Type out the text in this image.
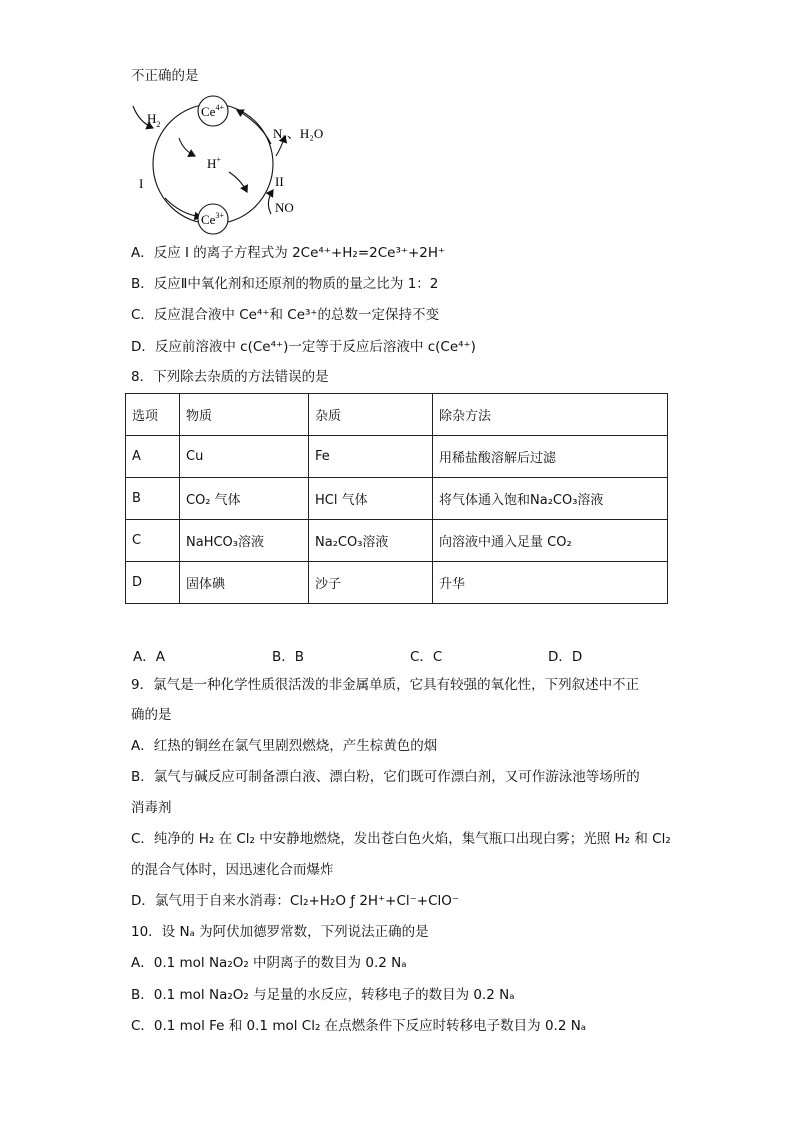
不正确的是
$Ce^{4+}$
$Ce^{3+}$
$H_2$
H+
N₂、H₂O
NO
I	II
A．反应 I 的离子方程式为 2Ce⁴⁺+H₂=2Ce³⁺+2H⁺
B．反应Ⅱ中氧化剂和还原剂的物质的量之比为 1：2
C．反应混合液中 Ce⁴⁺和 Ce³⁺的总数一定保持不变
D．反应前溶液中 c(Ce⁴⁺)一定等于反应后溶液中 c(Ce⁴⁺)
8．下列除去杂质的方法错误的是
选项	物质	杂质	除杂方法
A	Cu	Fe	用稀盐酸溶解后过滤
B	CO₂ 气体	HCl 气体	将气体通入饱和Na₂CO₃溶液
C	NaHCO₃溶液	Na₂CO₃溶液	向溶液中通入足量 CO₂
D	固体碘	沙子	升华
A．A	B．B	C．C	D．D
9．氯气是一种化学性质很活泼的非金属单质，它具有较强的氧化性，下列叙述中不正
确的是
A．红热的铜丝在氯气里剧烈燃烧，产生棕黄色的烟
B．氯气与碱反应可制备漂白液、漂白粉，它们既可作漂白剂，又可作游泳池等场所的
消毒剂
C．纯净的 H₂ 在 Cl₂ 中安静地燃烧，发出苍白色火焰，集气瓶口出现白雾；光照 H₂ 和 Cl₂
的混合气体时，因迅速化合而爆炸
D．氯气用于自来水消毒：Cl₂+H₂O ƒ 2H⁺+Cl⁻+ClO⁻
10．设 Nₐ 为阿伏加德罗常数，下列说法正确的是
A．0.1 mol Na₂O₂ 中阴离子的数目为 0.2 Nₐ
B．0.1 mol Na₂O₂ 与足量的水反应，转移电子的数目为 0.2 Nₐ
C．0.1 mol Fe 和 0.1 mol Cl₂ 在点燃条件下反应时转移电子数目为 0.2 Nₐ
